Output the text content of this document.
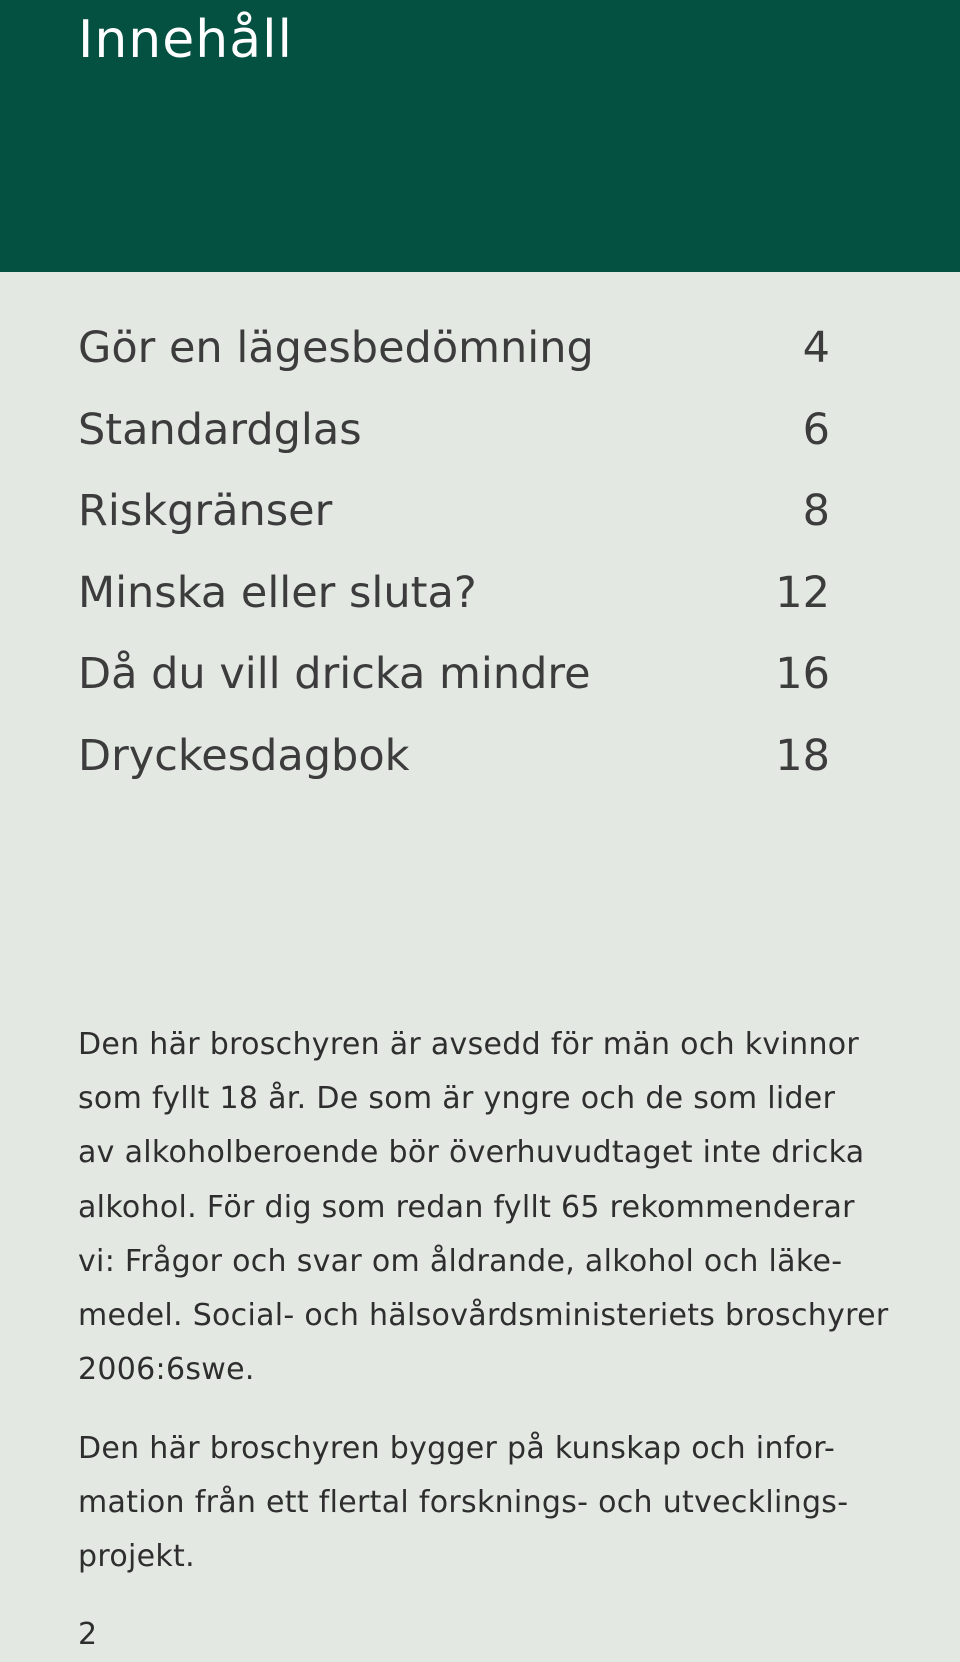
Innehåll
Gör en lägesbedömning	4
Standardglas	6
Riskgränser	8
Minska eller sluta?	12
Då du vill dricka mindre	16
Dryckesdagbok	18

Den här broschyren är avsedd för män och kvinnor
som fyllt 18 år. De som är yngre och de som lider
av alkoholberoende bör överhuvudtaget inte dricka
alkohol. För dig som redan fyllt 65 rekommenderar
vi: Frågor och svar om åldrande, alkohol och läke-
medel. Social- och hälsovårdsministeriets broschyrer
2006:6swe.

Den här broschyren bygger på kunskap och infor-
mation från ett flertal forsknings- och utvecklings-
projekt.

2
